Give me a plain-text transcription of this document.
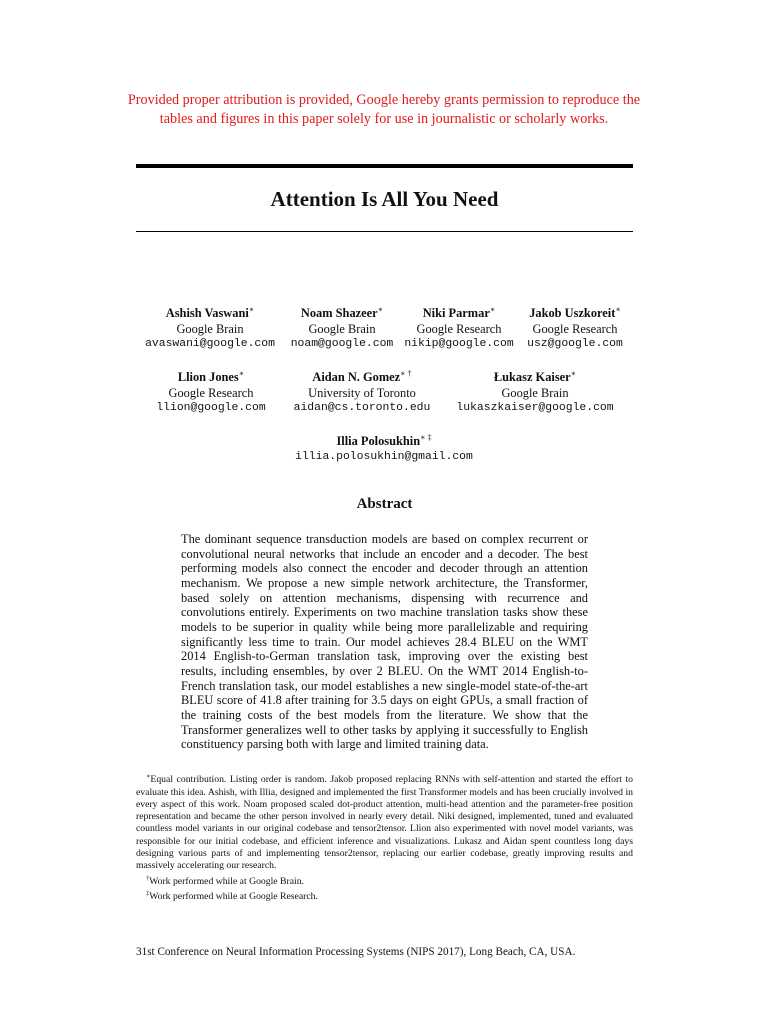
Provided proper attribution is provided, Google hereby grants permission to reproduce the tables and figures in this paper solely for use in journalistic or scholarly works.
Attention Is All You Need
Ashish Vaswani∗
Google Brain
avaswani@google.com
Noam Shazeer∗
Google Brain
noam@google.com
Niki Parmar∗
Google Research
nikip@google.com
Jakob Uszkoreit∗
Google Research
usz@google.com
Llion Jones∗
Google Research
llion@google.com
Aidan N. Gomez∗ †
University of Toronto
aidan@cs.toronto.edu
Łukasz Kaiser∗
Google Brain
lukaszkaiser@google.com
Illia Polosukhin∗ ‡
illia.polosukhin@gmail.com
Abstract

The dominant sequence transduction models are based on complex recurrent or convolutional neural networks that include an encoder and a decoder. The best performing models also connect the encoder and decoder through an attention mechanism. We propose a new simple network architecture, the Transformer, based solely on attention mechanisms, dispensing with recurrence and convolutions entirely. Experiments on two machine translation tasks show these models to be superior in quality while being more parallelizable and requiring significantly less time to train. Our model achieves 28.4 BLEU on the WMT 2014 English-to-German translation task, improving over the existing best results, including ensembles, by over 2 BLEU. On the WMT 2014 English-to-French translation task, our model establishes a new single-model state-of-the-art BLEU score of 41.8 after training for 3.5 days on eight GPUs, a small fraction of the training costs of the best models from the literature. We show that the Transformer generalizes well to other tasks by applying it successfully to English constituency parsing both with large and limited training data.

∗Equal contribution. Listing order is random. Jakob proposed replacing RNNs with self-attention and started the effort to evaluate this idea. Ashish, with Illia, designed and implemented the first Transformer models and has been crucially involved in every aspect of this work. Noam proposed scaled dot-product attention, multi-head attention and the parameter-free position representation and became the other person involved in nearly every detail. Niki designed, implemented, tuned and evaluated countless model variants in our original codebase and tensor2tensor. Llion also experimented with novel model variants, was responsible for our initial codebase, and efficient inference and visualizations. Lukasz and Aidan spent countless long days designing various parts of and implementing tensor2tensor, replacing our earlier codebase, greatly improving results and massively accelerating our research.

†Work performed while at Google Brain.

‡Work performed while at Google Research.

31st Conference on Neural Information Processing Systems (NIPS 2017), Long Beach, CA, USA.
